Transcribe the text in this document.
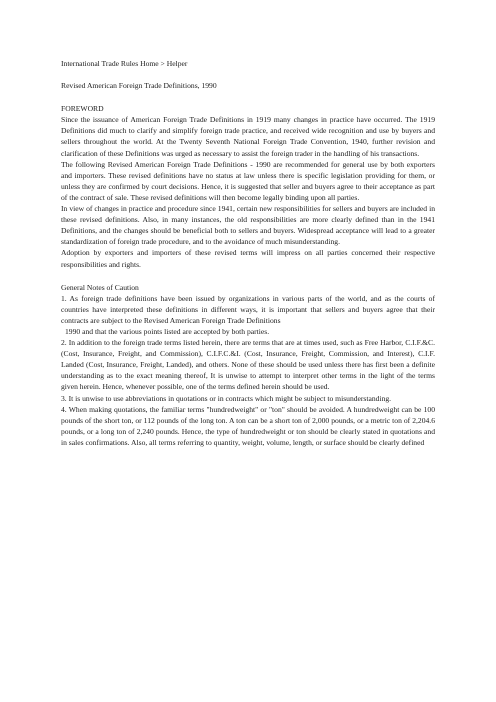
International Trade Rules Home > Helper

Revised American Foreign Trade Definitions, 1990

FOREWORD

Since the issuance of American Foreign Trade Definitions in 1919 many changes in practice have occurred. The 1919 Definitions did much to clarify and simplify foreign trade practice, and received wide recognition and use by buyers and sellers throughout the world. At the Twenty Seventh National Foreign Trade Convention, 1940, further revision and clarification of these Definitions was urged as necessary to assist the foreign trader in the handling of his transactions.

The following Revised American Foreign Trade Definitions - 1990 are recommended for general use by both exporters and importers. These revised definitions have no status at law unless there is specific legislation providing for them, or unless they are confirmed by court decisions. Hence, it is suggested that seller and buyers agree to their acceptance as part of the contract of sale. These revised definitions will then become legally binding upon all parties.

In view of changes in practice and procedure since 1941, certain new responsibilities for sellers and buyers are included in these revised definitions. Also, in many instances, the old responsibilities are more clearly defined than in the 1941 Definitions, and the changes should be beneficial both to sellers and buyers. Widespread acceptance will lead to a greater standardization of foreign trade procedure, and to the avoidance of much misunderstanding.

Adoption by exporters and importers of these revised terms will impress on all parties concerned their respective responsibilities and rights.

General Notes of Caution

1. As foreign trade definitions have been issued by organizations in various parts of the world, and as the courts of countries have interpreted these definitions in different ways, it is important that sellers and buyers agree that their contracts are subject to the Revised American Foreign Trade Definitions

1990 and that the various points listed are accepted by both parties.

2. In addition to the foreign trade terms listed herein, there are terms that are at times used, such as Free Harbor, C.I.F.&C. (Cost, Insurance, Freight, and Commission), C.I.F.C.&I. (Cost, Insurance, Freight, Commission, and Interest), C.I.F. Landed (Cost, Insurance, Freight, Landed), and others. None of these should be used unless there has first been a definite understanding as to the exact meaning thereof, It is unwise to attempt to interpret other terms in the light of the terms given herein. Hence, whenever possible, one of the terms defined herein should be used.

3. It is unwise to use abbreviations in quotations or in contracts which might be subject to misunderstanding.

4. When making quotations, the familiar terms "hundredweight" or "ton" should be avoided. A hundredweight can be 100 pounds of the short ton, or 112 pounds of the long ton. A ton can be a short ton of 2,000 pounds, or a metric ton of 2,204.6 pounds, or a long ton of 2,240 pounds. Hence, the type of hundredweight or ton should be clearly stated in quotations and in sales confirmations. Also, all terms referring to quantity, weight, volume, length, or surface should be clearly defined
